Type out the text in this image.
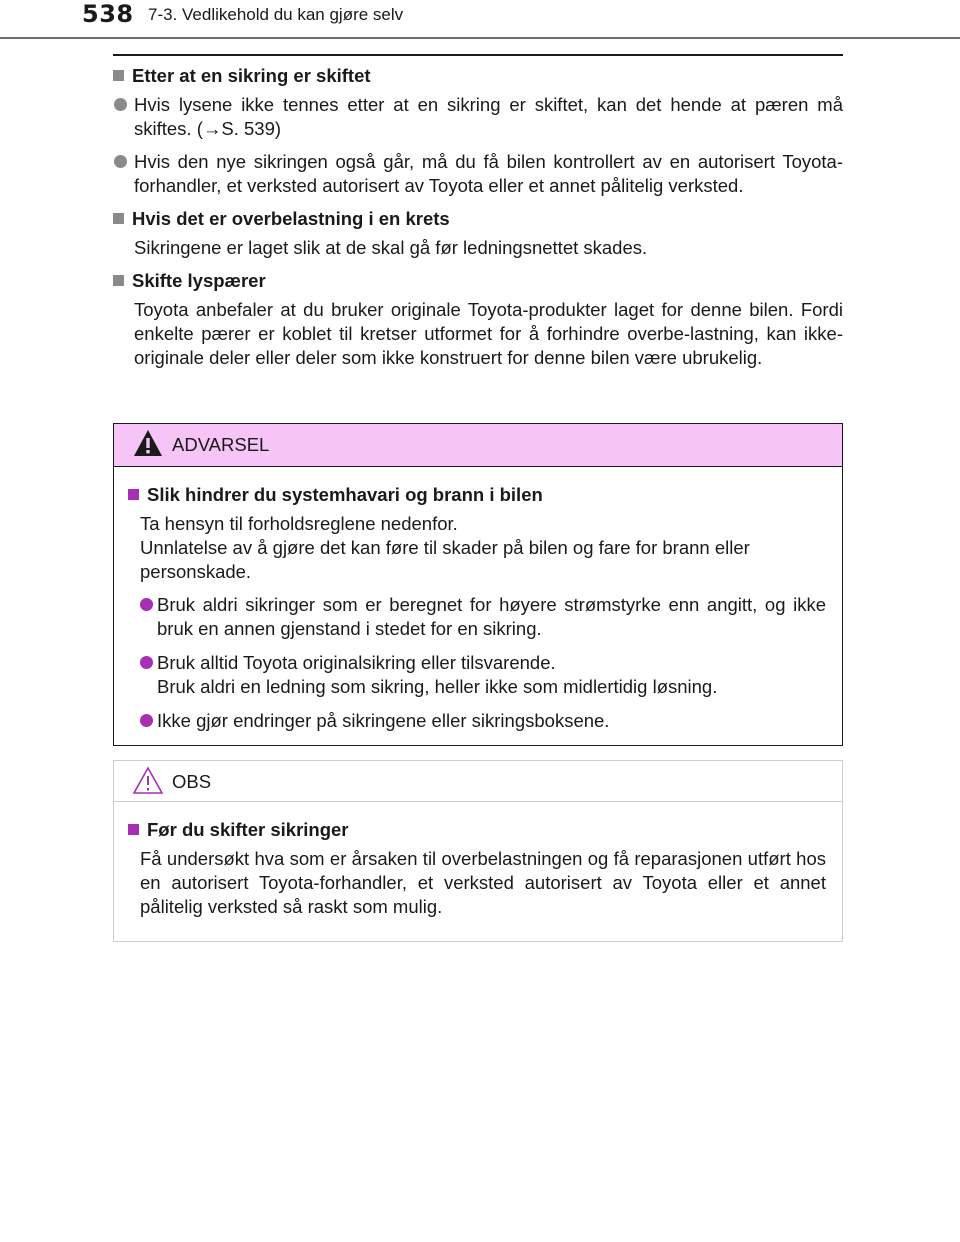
538 7-3. Vedlikehold du kan gjøre selv
Etter at en sikring er skiftet
Hvis lysene ikke tennes etter at en sikring er skiftet, kan det hende at pæren må skiftes. (→S. 539)
Hvis den nye sikringen også går, må du få bilen kontrollert av en autorisert Toyota-forhandler, et verksted autorisert av Toyota eller et annet pålitelig verksted.
Hvis det er overbelastning i en krets
Sikringene er laget slik at de skal gå før ledningsnettet skades.
Skifte lyspærer
Toyota anbefaler at du bruker originale Toyota-produkter laget for denne bilen. Fordi enkelte pærer er koblet til kretser utformet for å forhindre overbe-lastning, kan ikke-originale deler eller deler som ikke konstruert for denne bilen være ubrukelig.
ADVARSEL
Slik hindrer du systemhavari og brann i bilen
Ta hensyn til forholdsreglene nedenfor.
Unnlatelse av å gjøre det kan føre til skader på bilen og fare for brann eller personskade.
Bruk aldri sikringer som er beregnet for høyere strømstyrke enn angitt, og ikke bruk en annen gjenstand i stedet for en sikring.
Bruk alltid Toyota originalsikring eller tilsvarende.
Bruk aldri en ledning som sikring, heller ikke som midlertidig løsning.
Ikke gjør endringer på sikringene eller sikringsboksene.
OBS
Før du skifter sikringer
Få undersøkt hva som er årsaken til overbelastningen og få reparasjonen utført hos en autorisert Toyota-forhandler, et verksted autorisert av Toyota eller et annet pålitelig verksted så raskt som mulig.
